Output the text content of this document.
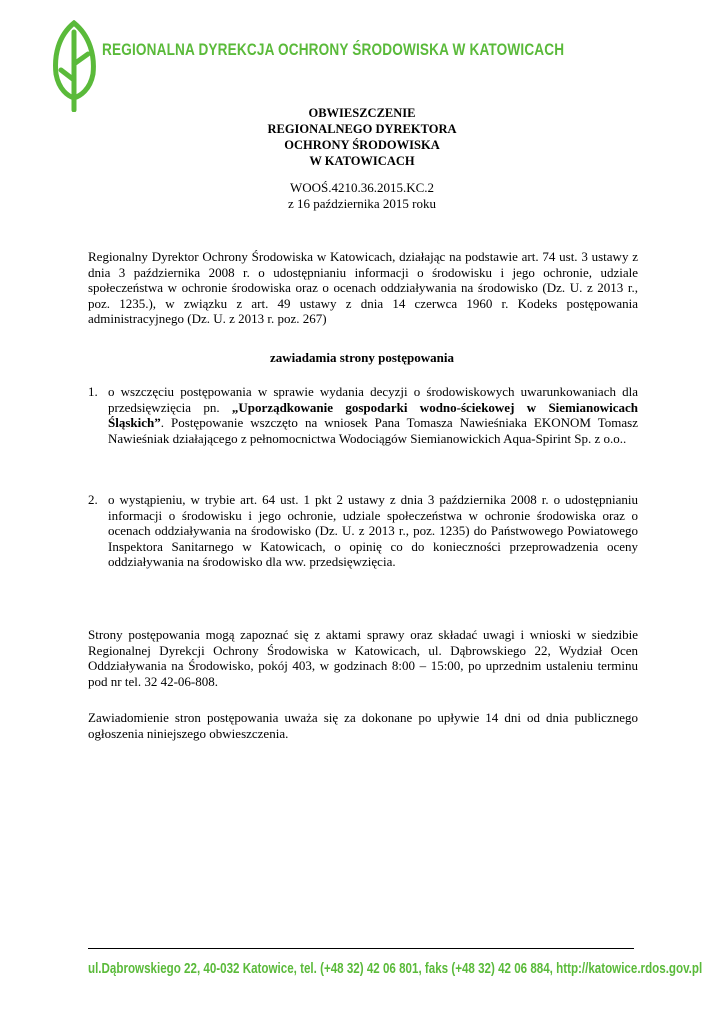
REGIONALNA DYREKCJA OCHRONY ŚRODOWISKA W KATOWICACH
OBWIESZCZENIE
REGIONALNEGO DYREKTORA
OCHRONY ŚRODOWISKA
W KATOWICACH
WOOŚ.4210.36.2015.KC.2
z 16 października 2015 roku
Regionalny Dyrektor Ochrony Środowiska w Katowicach, działając na podstawie art. 74 ust. 3 ustawy z dnia 3 października 2008 r. o udostępnianiu informacji o środowisku i jego ochronie, udziale społeczeństwa w ochronie środowiska oraz o ocenach oddziaływania na środowisko (Dz. U. z 2013 r., poz. 1235.), w związku z art. 49 ustawy z dnia 14 czerwca 1960 r. Kodeks postępowania administracyjnego (Dz. U. z 2013 r. poz. 267)
zawiadamia strony postępowania
1. o wszczęciu postępowania w sprawie wydania decyzji o środowiskowych uwarunkowaniach dla przedsięwzięcia pn. „Uporządkowanie gospodarki wodno-ściekowej w Siemianowicach Śląskich”. Postępowanie wszczęto na wniosek Pana Tomasza Nawieśniaka EKONOM Tomasz Nawieśniak działającego z pełnomocnictwa Wodociągów Siemianowickich Aqua-Spirint Sp. z o.o..
2. o wystąpieniu, w trybie art. 64 ust. 1 pkt 2 ustawy z dnia 3 października 2008 r. o udostępnianiu informacji o środowisku i jego ochronie, udziale społeczeństwa w ochronie środowiska oraz o ocenach oddziaływania na środowisko (Dz. U. z 2013 r., poz. 1235) do Państwowego Powiatowego Inspektora Sanitarnego w Katowicach, o opinię co do konieczności przeprowadzenia oceny oddziaływania na środowisko dla ww. przedsięwzięcia.
Strony postępowania mogą zapoznać się z aktami sprawy oraz składać uwagi i wnioski w siedzibie Regionalnej Dyrekcji Ochrony Środowiska w Katowicach, ul. Dąbrowskiego 22, Wydział Ocen Oddziaływania na Środowisko, pokój 403, w godzinach 8:00 – 15:00, po uprzednim ustaleniu terminu pod nr tel. 32 42-06-808.
Zawiadomienie stron postępowania uważa się za dokonane po upływie 14 dni od dnia publicznego ogłoszenia niniejszego obwieszczenia.
ul.Dąbrowskiego 22, 40-032 Katowice, tel. (+48 32) 42 06 801, faks (+48 32) 42 06 884, http://katowice.rdos.gov.pl
